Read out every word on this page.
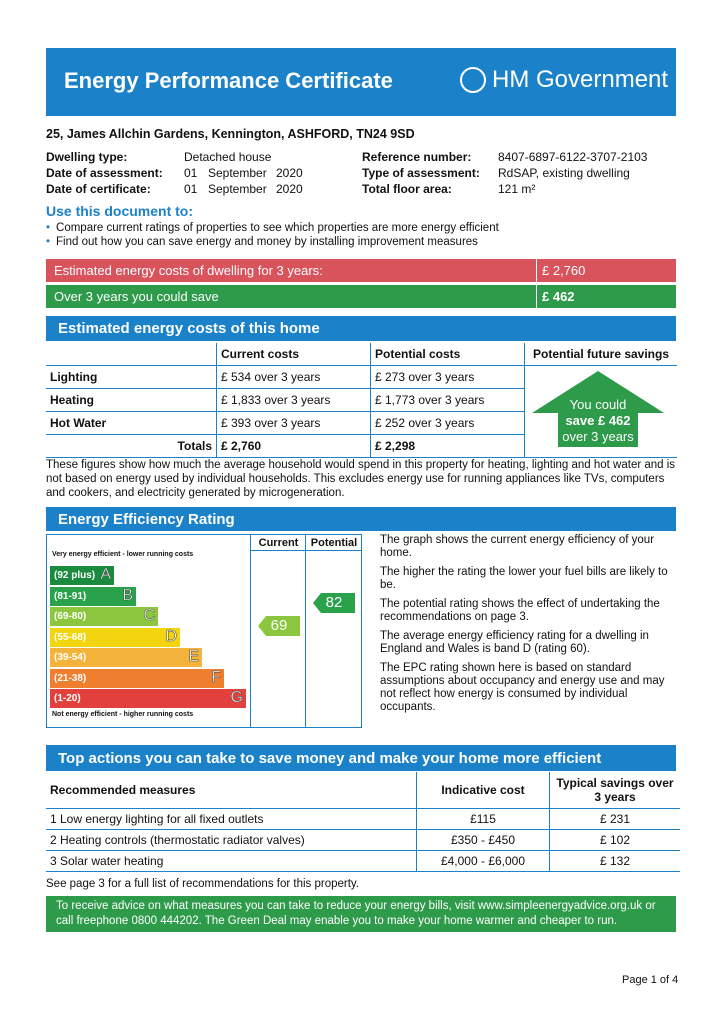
Energy Performance Certificate	HM Government
25, James Allchin Gardens, Kennington, ASHFORD, TN24 9SD
Dwelling type:	Detached house
Date of assessment: 01 September 2020
Date of certificate:	01 September 2020
Reference number: 8407-6897-6122-3707-2103
Type of assessment: RdSAP, existing dwelling
Total floor area:	121 m²
Use this document to:
• Compare current ratings of properties to see which properties are more energy efficient
• Find out how you can save energy and money by installing improvement measures
Estimated energy costs of dwelling for 3 years:	£ 2,760
Over 3 years you could save	£ 462
Estimated energy costs of this home
	Current costs	Potential costs	Potential future savings
Lighting	£ 534 over 3 years	£ 273 over 3 years	
Heating	£ 1,833 over 3 years	£ 1,773 over 3 years	
Hot Water	£ 393 over 3 years	£ 252 over 3 years	
Totals	£ 2,760	£ 2,298	
You could
save £ 462
over 3 years
These figures show how much the average household would spend in this property for heating, lighting and hot water and is not based on energy used by individual households. This excludes energy use for running appliances like TVs, computers and cookers, and electricity generated by microgeneration.
Energy Efficiency Rating
Current	Potential
Very energy efficient - lower running costs
Not energy efficient - higher running costs
(92 plus) A
(81-91) B
(69-80)	C
(55-68)	D
(39-54)	E
(21-38)	F
(1-20)	G
69
82
The graph shows the current energy efficiency of your home.
The higher the rating the lower your fuel bills are likely to be.
The potential rating shows the effect of undertaking the recommendations on page 3.
The average energy efficiency rating for a dwelling in England and Wales is band D (rating 60).
The EPC rating shown here is based on standard assumptions about occupancy and energy use and may not reflect how energy is consumed by individual occupants.
Top actions you can take to save money and make your home more efficient
Recommended measures	Indicative cost	Typical savings over 3 years
1 Low energy lighting for all fixed outlets	£115	£ 231
2 Heating controls (thermostatic radiator valves)	£350 - £450	£ 102
3 Solar water heating	£4,000 - £6,000	£ 132
See page 3 for a full list of recommendations for this property.
To receive advice on what measures you can take to reduce your energy bills, visit www.simpleenergyadvice.org.uk or call freephone 0800 444202. The Green Deal may enable you to make your home warmer and cheaper to run.
Page 1 of 4
